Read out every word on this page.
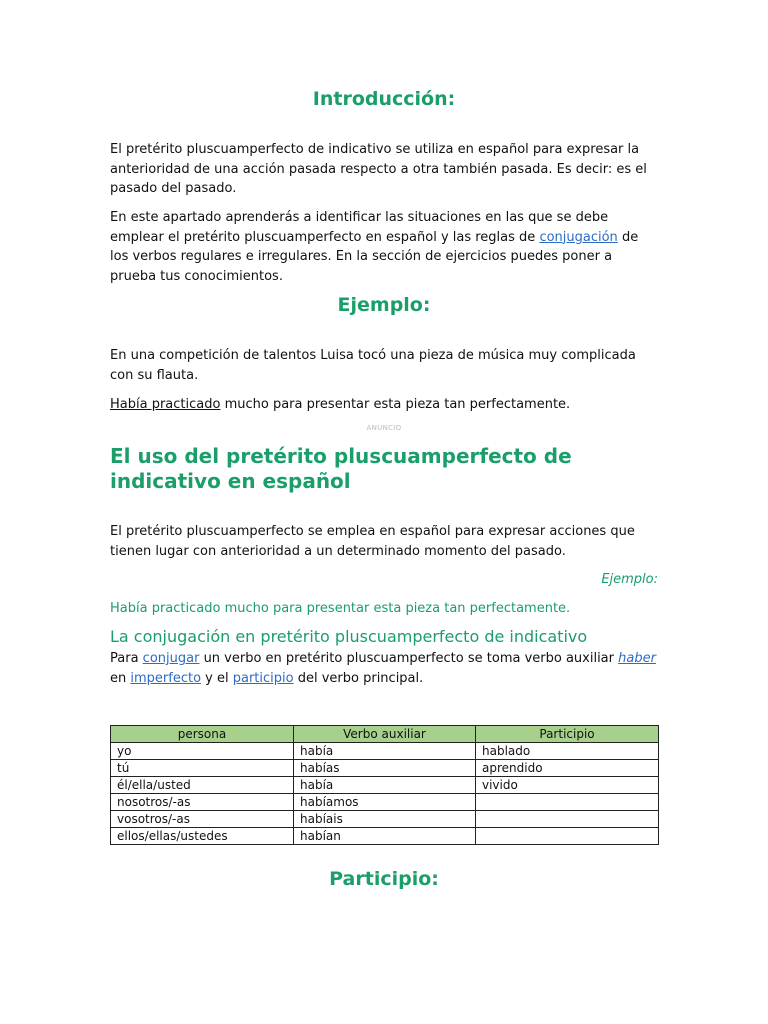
Introducción:

El pretérito pluscuamperfecto de indicativo se utiliza en español para expresar la anterioridad de una acción pasada respecto a otra también pasada. Es decir: es el pasado del pasado.

En este apartado aprenderás a identificar las situaciones en las que se debe emplear el pretérito pluscuamperfecto en español y las reglas de conjugación de los verbos regulares e irregulares. En la sección de ejercicios puedes poner a prueba tus conocimientos.

Ejemplo:

En una competición de talentos Luisa tocó una pieza de música muy complicada con su flauta.

Había practicado mucho para presentar esta pieza tan perfectamente.

ANUNCIO
El uso del pretérito pluscuamperfecto de indicativo en español

El pretérito pluscuamperfecto se emplea en español para expresar acciones que tienen lugar con anterioridad a un determinado momento del pasado.

Ejemplo:

Había practicado mucho para presentar esta pieza tan perfectamente.

La conjugación en pretérito pluscuamperfecto de indicativo

Para conjugar un verbo en pretérito pluscuamperfecto se toma verbo auxiliar haber en imperfecto y el participio del verbo principal.

persona	Verbo auxiliar	Participio
yo	había	hablado
tú	habías	aprendido
él/ella/usted	había	vivido
nosotros/-as	habíamos	
vosotros/-as	habíais	
ellos/ellas/ustedes	habían	
Participio:
